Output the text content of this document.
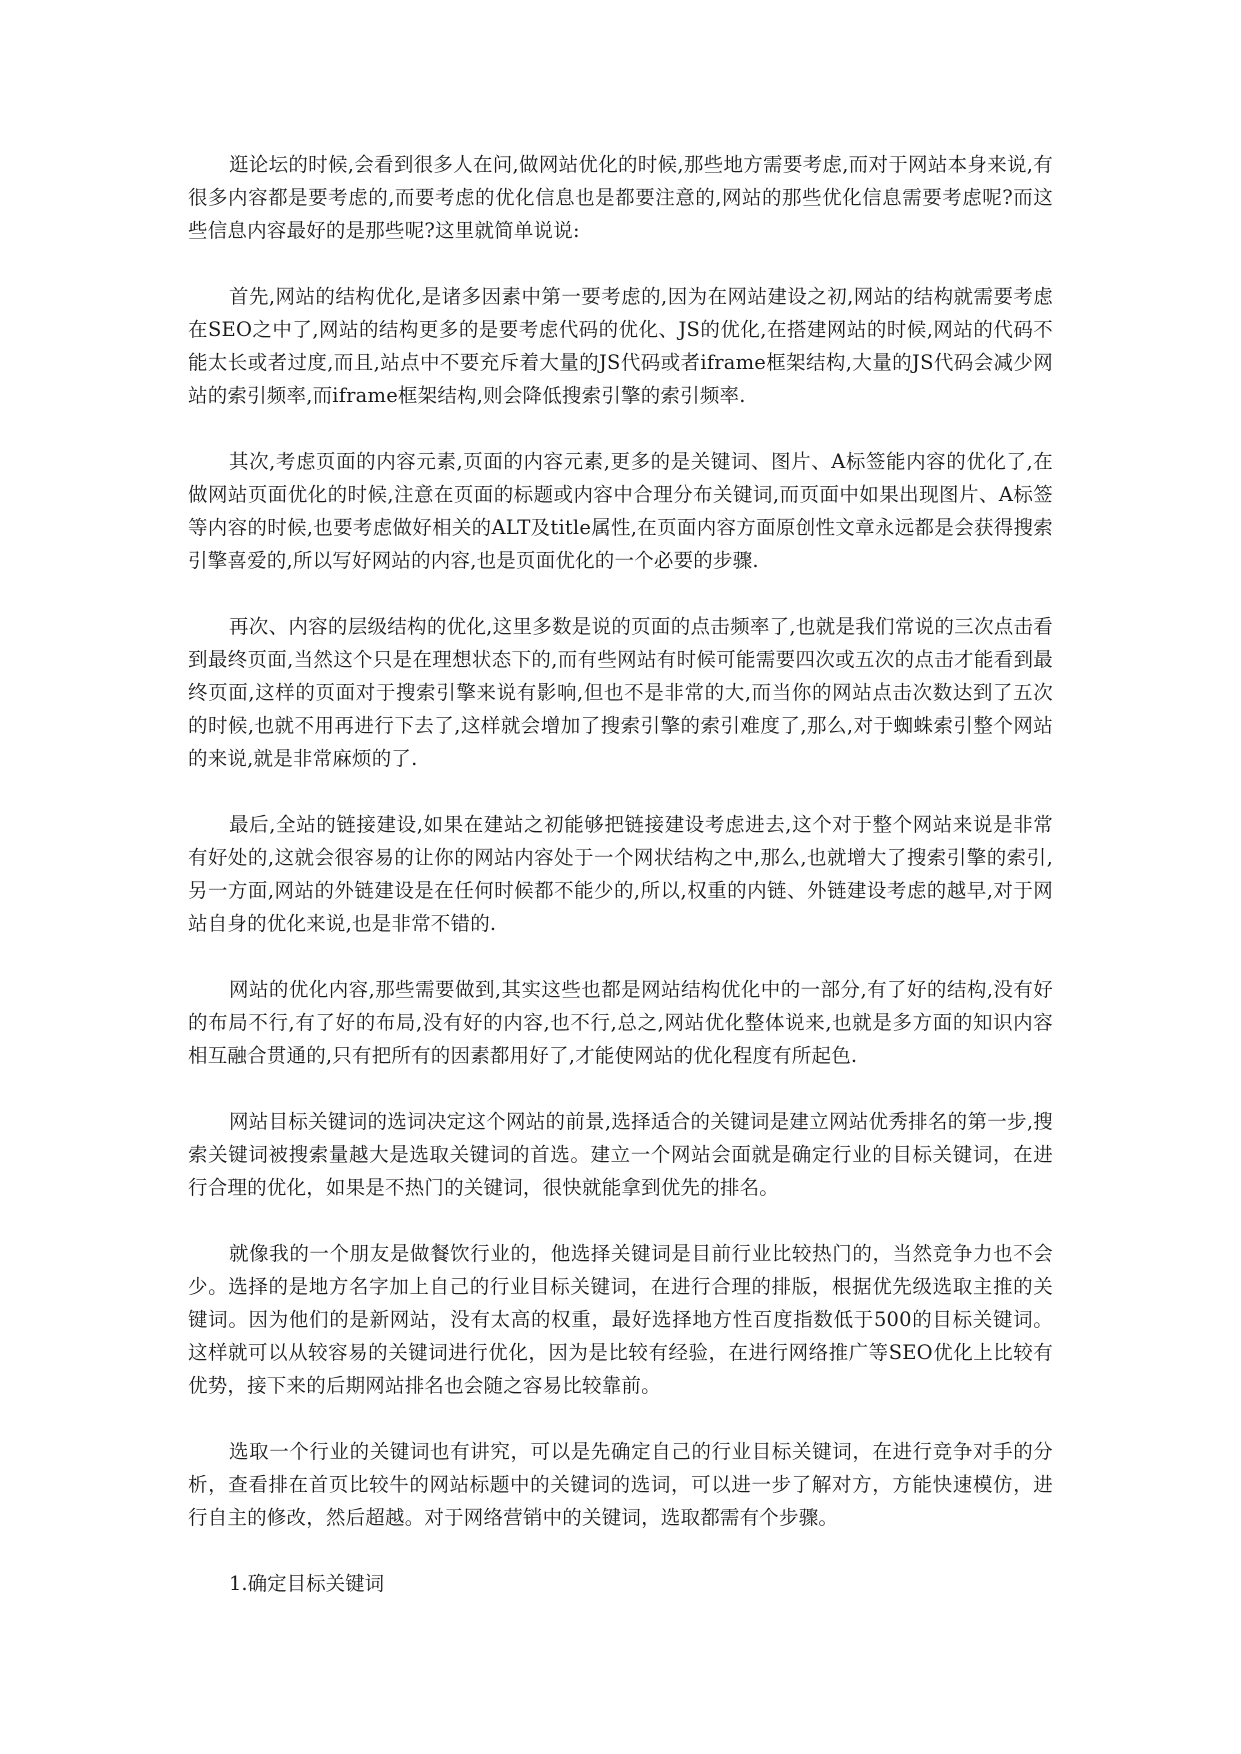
逛论坛的时候,会看到很多人在问,做网站优化的时候,那些地方需要考虑,而对于网站本身来说,有很多内容都是要考虑的,而要考虑的优化信息也是都要注意的,网站的那些优化信息需要考虑呢?而这些信息内容最好的是那些呢?这里就简单说说:

首先,网站的结构优化,是诸多因素中第一要考虑的,因为在网站建设之初,网站的结构就需要考虑在SEO之中了,网站的结构更多的是要考虑代码的优化、JS的优化,在搭建网站的时候,网站的代码不能太长或者过度,而且,站点中不要充斥着大量的JS代码或者iframe框架结构,大量的JS代码会减少网站的索引频率,而iframe框架结构,则会降低搜索引擎的索引频率.

其次,考虑页面的内容元素,页面的内容元素,更多的是关键词、图片、A标签能内容的优化了,在做网站页面优化的时候,注意在页面的标题或内容中合理分布关键词,而页面中如果出现图片、A标签等内容的时候,也要考虑做好相关的ALT及title属性,在页面内容方面原创性文章永远都是会获得搜索引擎喜爱的,所以写好网站的内容,也是页面优化的一个必要的步骤.

再次、内容的层级结构的优化,这里多数是说的页面的点击频率了,也就是我们常说的三次点击看到最终页面,当然这个只是在理想状态下的,而有些网站有时候可能需要四次或五次的点击才能看到最终页面,这样的页面对于搜索引擎来说有影响,但也不是非常的大,而当你的网站点击次数达到了五次的时候,也就不用再进行下去了,这样就会增加了搜索引擎的索引难度了,那么,对于蜘蛛索引整个网站的来说,就是非常麻烦的了.

最后,全站的链接建设,如果在建站之初能够把链接建设考虑进去,这个对于整个网站来说是非常有好处的,这就会很容易的让你的网站内容处于一个网状结构之中,那么,也就增大了搜索引擎的索引,另一方面,网站的外链建设是在任何时候都不能少的,所以,权重的内链、外链建设考虑的越早,对于网站自身的优化来说,也是非常不错的.

网站的优化内容,那些需要做到,其实这些也都是网站结构优化中的一部分,有了好的结构,没有好的布局不行,有了好的布局,没有好的内容,也不行,总之,网站优化整体说来,也就是多方面的知识内容相互融合贯通的,只有把所有的因素都用好了,才能使网站的优化程度有所起色.

网站目标关键词的选词决定这个网站的前景,选择适合的关键词是建立网站优秀排名的第一步,搜索关键词被搜索量越大是选取关键词的首选。建立一个网站会面就是确定行业的目标关键词，在进行合理的优化，如果是不热门的关键词，很快就能拿到优先的排名。

就像我的一个朋友是做餐饮行业的，他选择关键词是目前行业比较热门的，当然竞争力也不会少。选择的是地方名字加上自己的行业目标关键词，在进行合理的排版，根据优先级选取主推的关键词。因为他们的是新网站，没有太高的权重，最好选择地方性百度指数低于500的目标关键词。这样就可以从较容易的关键词进行优化，因为是比较有经验，在进行网络推广等SEO优化上比较有优势，接下来的后期网站排名也会随之容易比较靠前。

选取一个行业的关键词也有讲究，可以是先确定自己的行业目标关键词，在进行竞争对手的分析，查看排在首页比较牛的网站标题中的关键词的选词，可以进一步了解对方，方能快速模仿，进行自主的修改，然后超越。对于网络营销中的关键词，选取都需有个步骤。

1.确定目标关键词
